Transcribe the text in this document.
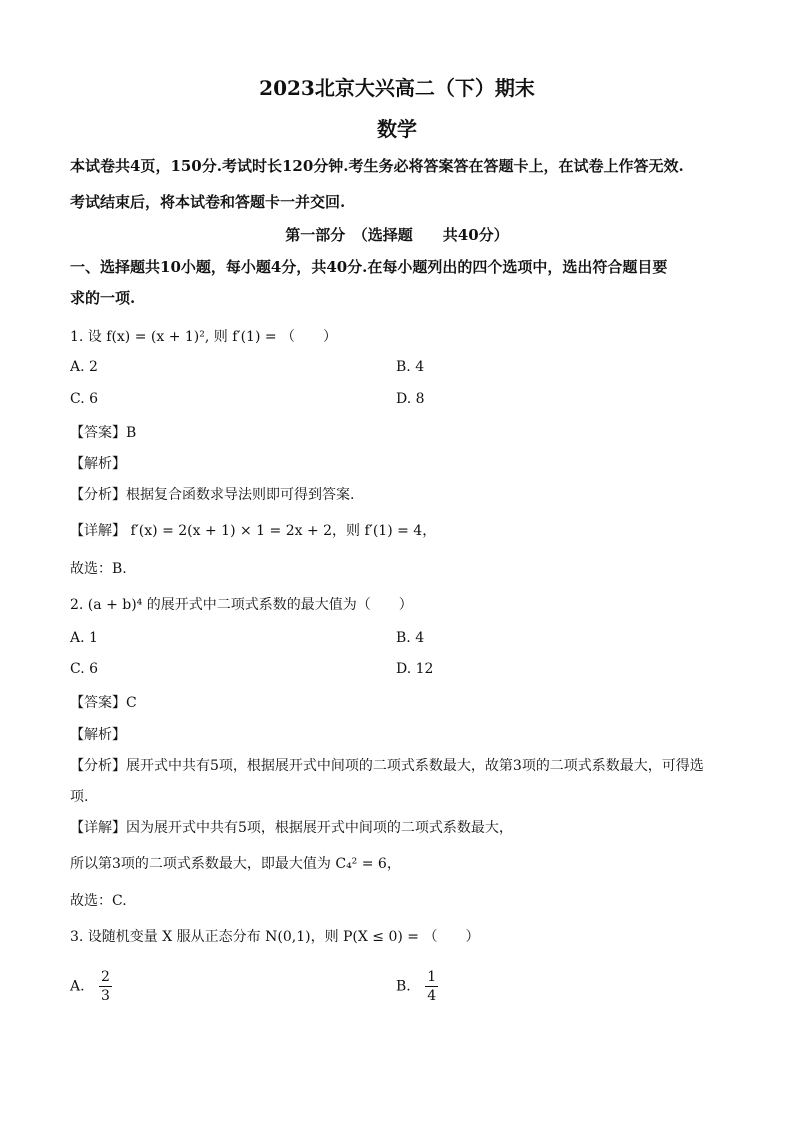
2023北京大兴高二（下）期末
数学
本试卷共4页，150分.考试时长120分钟.考生务必将答案答在答题卡上，在试卷上作答无效.
考试结束后，将本试卷和答题卡一并交回.
第一部分　（选择题　　共40分）
一、选择题共10小题，每小题4分，共40分.在每小题列出的四个选项中，选出符合题目要
求的一项.
1. 设 f(x) = (x + 1)², 则 f′(1) = （　　）
A. 2	B. 4
C. 6	D. 8
【答案】B
【解析】
【分析】根据复合函数求导法则即可得到答案.
【详解】 f′(x) = 2(x + 1) × 1 = 2x + 2，则 f′(1) = 4，
故选：B.
2. (a + b)⁴ 的展开式中二项式系数的最大值为（　　）
A. 1	B. 4
C. 6	D. 12
【答案】C
【解析】
【分析】展开式中共有5项，根据展开式中间项的二项式系数最大，故第3项的二项式系数最大，可得选
项.
【详解】因为展开式中共有5项，根据展开式中间项的二项式系数最大，
所以第3项的二项式系数最大，即最大值为 C₄² = 6，
故选：C.
3. 设随机变量 X 服从正态分布 N(0,1)，则 P(X ≤ 0) = （　　）
A. $\frac{2}{3}$	B. $\frac{1}{4}$
